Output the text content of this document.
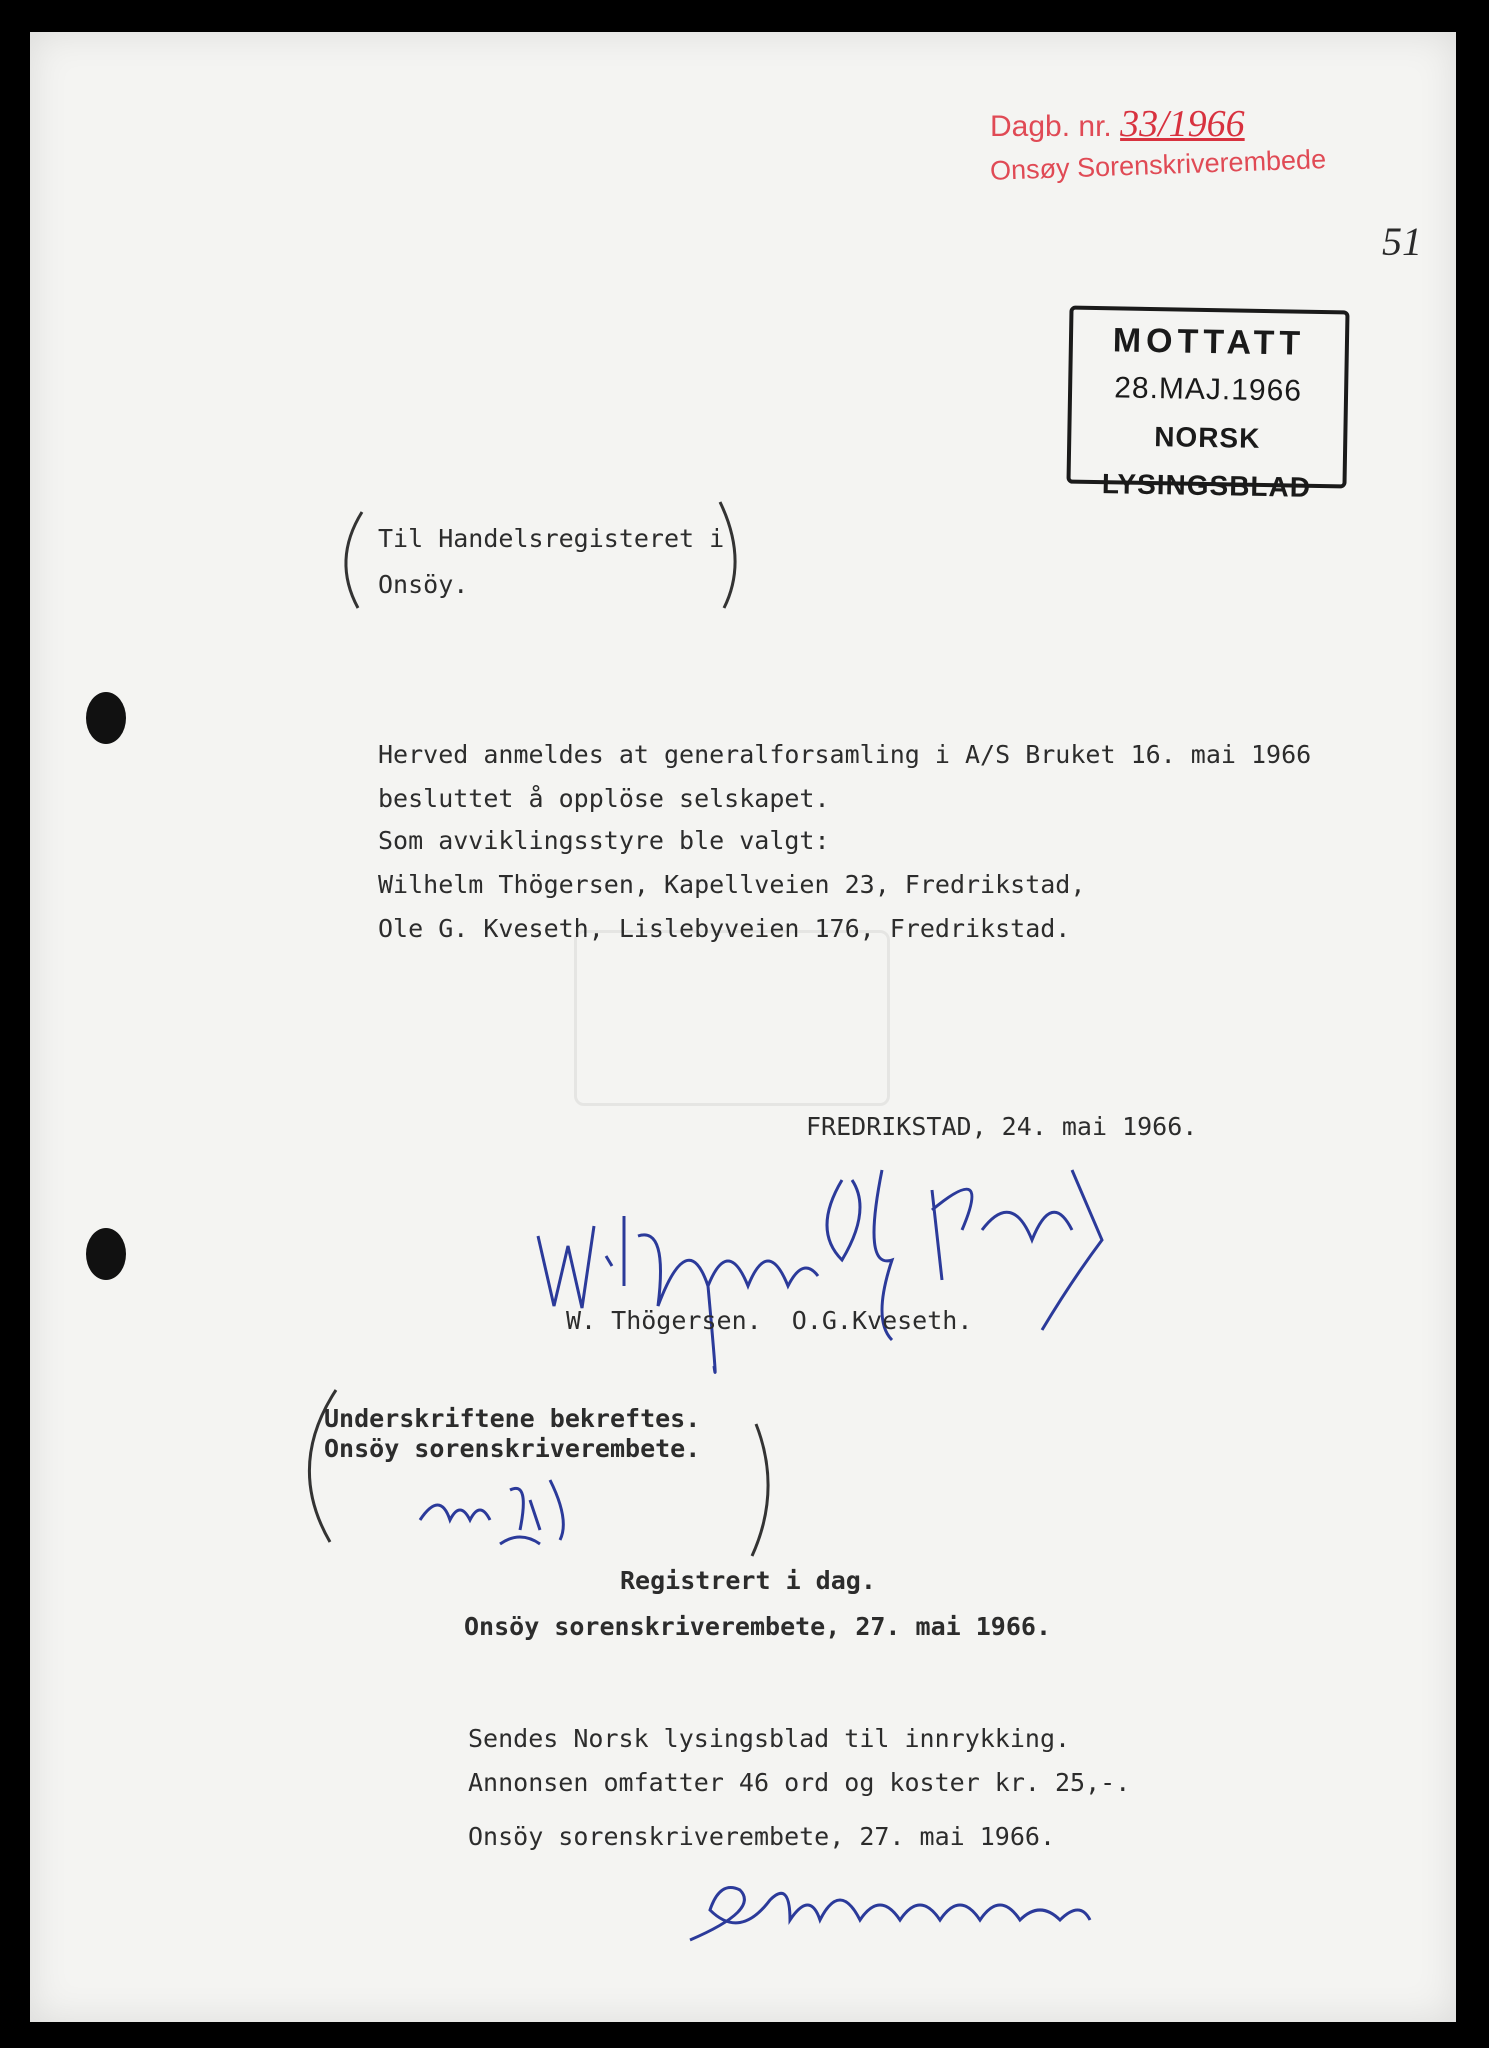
Dagb. nr. 33/1966
Onsøy Sorenskriverembede
51
MOTTATT
28.MAJ.1966
NORSK LYSINGSBLAD
Til Handelsregisteret i
Onsöy.
Herved anmeldes at generalforsamling i A/S Bruket 16. mai 1966
besluttet å opplöse selskapet.
Som avviklingsstyre ble valgt:
Wilhelm Thögersen, Kapellveien 23, Fredrikstad,
Ole G. Kveseth, Lislebyveien 176, Fredrikstad.
FREDRIKSTAD, 24. mai 1966.
W. Thögersen.  O.G.Kveseth.
Underskriftene bekreftes.
Onsöy sorenskriverembete.
Registrert i dag.
Onsöy sorenskriverembete, 27. mai 1966.
Sendes Norsk lysingsblad til innrykking.
Annonsen omfatter 46 ord og koster kr. 25,-.
Onsöy sorenskriverembete, 27. mai 1966.
